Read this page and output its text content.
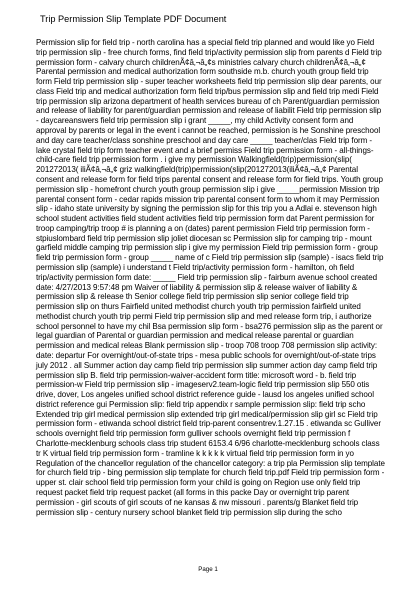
Trip Permission Slip Template PDF Document

Permission slip for field trip - north carolina has a special field trip planned and would like yo Field trip permission slip - free church forms, find field trip/activity permission slip from parents d Field trip permission form - calvary church childrenÃ¢â‚¬â„¢s ministries calvary church childrenÃ¢â‚¬â„¢ Parental permission and medical authorization form southside m.b. church youth group field trip form Field trip permission slip - super teacher worksheets field trip permission slip dear parents, our class Field trip and medical authorization form field trip/bus permission slip and field trip medi Field trip permission slip arizona department of health services bureau of ch Parent/guardian permission and release of liability for parent/guardian permission and release of liabilit Field trip permission slip - daycareanswers field trip permission slip i grant _____, my child Activity consent form and approval by parents or legal in the event i cannot be reached, permission is he Sonshine preschool and day care teacher/class sonshine preschool and day care _____ teacher/clas Field trip form - lake crystal field trip form teacher event and a brief permiss Field trip permission form - all-things-child-care field trip permission form . i give my permission Walkingfield(trip)permission(slip( 201272013( iliÃ¢â‚¬â„¢ griz walkingfield(trip)permission(slip(201272013(iliÃ¢â‚¬â„¢ Parental consent and release form for field trips parental consent and release form for field trips. Youth group permission slip - homefront church youth group permission slip i give _____permission Mission trip parental consent form - cedar rapids mission trip parental consent form to whom it may Permission slip - idaho state university by signing the permission slip for this trip you a Adlai e. stevenson high school student activities field student activities field trip permission form dat Parent permission for troop camping/trip troop # is planning a on (dates) parent permission Field trip permission form - stpiuslombard field trip permission slip joliet diocesan sc Permission slip for camping trip - mount garfield middle camping trip permission slip i give my permission Field trip permission form - group field trip permission form - group _____ name of c Field trip permission slip (sample) - isacs field trip permission slip (sample) i understand t Field trip/activity permission form - hamilton, oh field trip/activity permission form date: _____ Field trip permission slip - fairburn avenue school created date: 4/27/2013 9:57:48 pm Waiver of liability & permission slip & release waiver of liability & permission slip & release th Senior college field trip permission slip senior college field trip permission slip on thurs Fairfield united methodist church youth trip permission fairfield united methodist church youth trip permi Field trip permission slip and med release form trip, i authorize school personnel to have my chil Bsa permission slip form - bsa276 permission slip as the parent or legal guardian of Parental or guardian permission and medical release parental or guardian permission and medical releas Blank permission slip - troop 708 troop 708 permission slip activity: date: departur For overnight/out-of-state trips - mesa public schools for overnight/out-of-state trips july 2012 . all Summer action day camp field trip permission slip summer action day camp field trip permission slip B. field trip permission-waiver-accident form title: microsoft word - b. field trip permission-w Field trip permission slip - imageserv2.team-logic field trip permission slip 550 otis drive, dover, Los angeles unified school district reference guide - lausd los angeles unified school district reference gui Permission slip: field trip appendix r sample permission slip: field trip scho Extended trip girl medical permission slip extended trip girl medical/permission slip girl sc Field trip permission form - etiwanda school district field trip-parent consentrev.1.27.15 . etiwanda sc Gulliver schools overnight field trip permission form gulliver schools overnight field trip permission f Charlotte-mecklenburg schools class trip student 6153.4 6/96 charlotte-mecklenburg schools class tr K virtual field trip permission form - tramline k k k k k virtual field trip permission form in yo Regulation of the chancellor regulation of the chancellor category: a trip pla Permission slip template for church field trip - bing permission slip template for church field trip.pdf Field trip permission form - upper st. clair school field trip permission form your child is going on Region use only field trip request packet field trip request packet (all forms in this packe Day or overnight trip parent permission - girl scouts of girl scouts of ne kansas & nw missouri . parents/g Blanket field trip permission slip - century nursery school blanket field trip permission slip during the scho

Page 1
